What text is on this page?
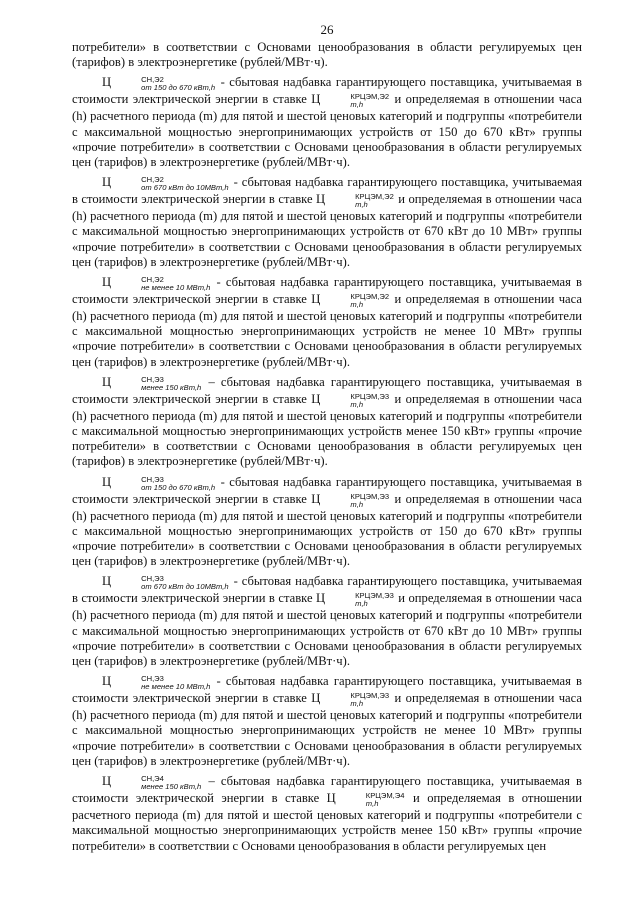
26

потребители» в соответствии с Основами ценообразования в области регулируемых цен (тарифов) в электроэнергетике (рублей/МВт·ч).

Ц	СН,Э2
от 150 до 670 кВт,h - сбытовая надбавка гарантирующего поставщика, учитываемая в стоимости электрической энергии в ставке Ц	КРЦЭМ,Э2
m,h	и определяемая в отношении часа (h) расчетного периода (m) для пятой и шестой ценовых категорий и подгруппы «потребители с максимальной мощностью энергопринимающих устройств от 150 до 670 кВт» группы «прочие потребители» в соответствии с Основами ценообразования в области регулируемых цен (тарифов) в электроэнергетике (рублей/МВт·ч).

Ц	СН,Э2
от 670 кВт до 10МВт,h - сбытовая надбавка гарантирующего поставщика, учитываемая в стоимости электрической энергии в ставке Ц	КРЦЭМ,Э2
m,h	и определяемая в отношении часа (h) расчетного периода (m) для пятой и шестой ценовых категорий и подгруппы «потребители с максимальной мощностью энергопринимающих устройств от 670 кВт до 10 МВт» группы «прочие потребители» в соответствии с Основами ценообразования в области регулируемых цен (тарифов) в электроэнергетике (рублей/МВт·ч).

Ц	СН,Э2
не менее 10 МВт,h - сбытовая надбавка гарантирующего поставщика, учитываемая в стоимости электрической энергии в ставке Ц	КРЦЭМ,Э2
m,h	и определяемая в отношении часа (h) расчетного периода (m) для пятой и шестой ценовых категорий и подгруппы «потребители с максимальной мощностью энергопринимающих устройств не менее 10 МВт» группы «прочие потребители» в соответствии с Основами ценообразования в области регулируемых цен (тарифов) в электроэнергетике (рублей/МВт·ч).

Ц	СН,Э3
менее 150 кВт,h – сбытовая надбавка гарантирующего поставщика, учитываемая в стоимости электрической энергии в ставке Ц	КРЦЭМ,Э3
m,h	и определяемая в отношении часа (h) расчетного периода (m) для пятой и шестой ценовых категорий и подгруппы «потребители с максимальной мощностью энергопринимающих устройств менее 150 кВт» группы «прочие потребители» в соответствии с Основами ценообразования в области регулируемых цен (тарифов) в электроэнергетике (рублей/МВт·ч).

Ц	СН,Э3
от 150 до 670 кВт,h - сбытовая надбавка гарантирующего поставщика, учитываемая в стоимости электрической энергии в ставке Ц	КРЦЭМ,Э3
m,h	и определяемая в отношении часа (h) расчетного периода (m) для пятой и шестой ценовых категорий и подгруппы «потребители с максимальной мощностью энергопринимающих устройств от 150 до 670 кВт» группы «прочие потребители» в соответствии с Основами ценообразования в области регулируемых цен (тарифов) в электроэнергетике (рублей/МВт·ч).

Ц	СН,Э3
от 670 кВт до 10МВт,h - сбытовая надбавка гарантирующего поставщика, учитываемая в стоимости электрической энергии в ставке Ц	КРЦЭМ,Э3
m,h	и определяемая в отношении часа (h) расчетного периода (m) для пятой и шестой ценовых категорий и подгруппы «потребители с максимальной мощностью энергопринимающих устройств от 670 кВт до 10 МВт» группы «прочие потребители» в соответствии с Основами ценообразования в области регулируемых цен (тарифов) в электроэнергетике (рублей/МВт·ч).

Ц	СН,Э3
не менее 10 МВт,h - сбытовая надбавка гарантирующего поставщика, учитываемая в стоимости электрической энергии в ставке Ц	КРЦЭМ,Э3
m,h	и определяемая в отношении часа (h) расчетного периода (m) для пятой и шестой ценовых категорий и подгруппы «потребители с максимальной мощностью энергопринимающих устройств не менее 10 МВт» группы «прочие потребители» в соответствии с Основами ценообразования в области регулируемых цен (тарифов) в электроэнергетике (рублей/МВт·ч).

Ц	СН,Э4
менее 150 кВт,h – сбытовая надбавка гарантирующего поставщика, учитываемая в стоимости электрической энергии в ставке Ц	КРЦЭМ,Э4
m,h	и определяемая в отношении расчетного периода (m) для пятой и шестой ценовых категорий и подгруппы «потребители с максимальной мощностью энергопринимающих устройств менее 150 кВт» группы «прочие потребители» в соответствии с Основами ценообразования в области регулируемых цен
